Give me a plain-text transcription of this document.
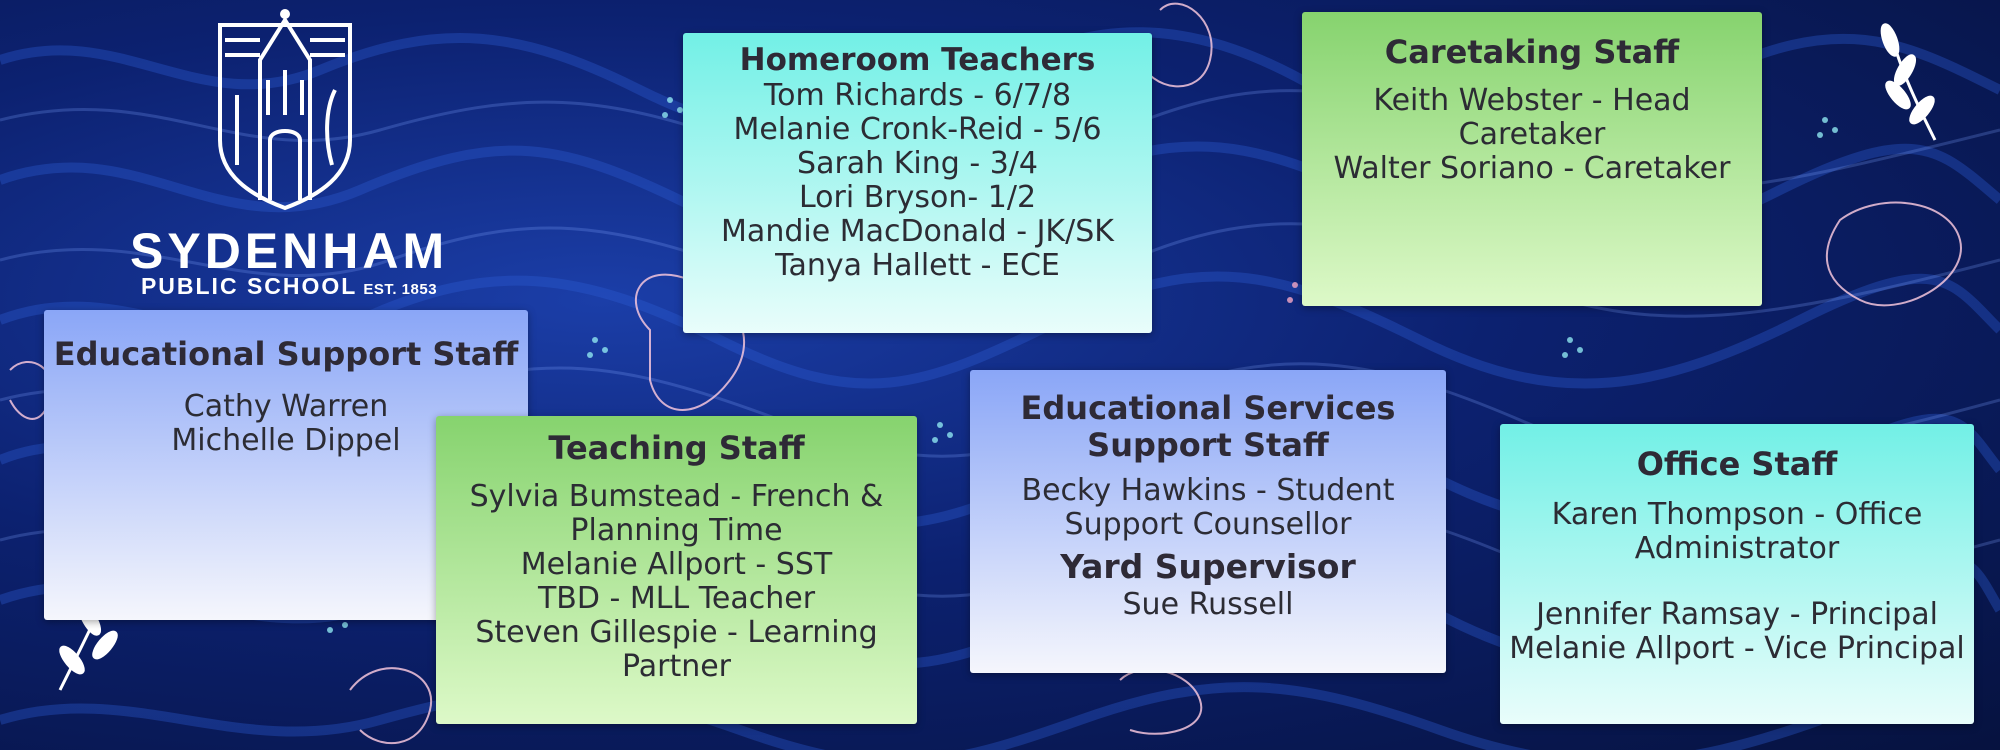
SYDENHAM
PUBLIC SCHOOL EST. 1853
Homeroom Teachers

Tom Richards - 6/7/8

Melanie Cronk-Reid - 5/6

Sarah King - 3/4

Lori Bryson- 1/2

Mandie MacDonald - JK/SK

Tanya Hallett - ECE

Caretaking Staff

Keith Webster - Head

Caretaker

Walter Soriano - Caretaker

Educational Support Staff

Cathy Warren

Michelle Dippel	Teaching Staff

Sylvia Bumstead - French &

Planning Time

Melanie Allport - SST

TBD - MLL Teacher

Steven Gillespie - Learning

Partner

Educational Services
Support Staff

Becky Hawkins - Student

Support Counsellor

Yard Supervisor

Sue Russell

Office Staff

Karen Thompson - Office

Administrator

Jennifer Ramsay - Principal

Melanie Allport - Vice Principal
